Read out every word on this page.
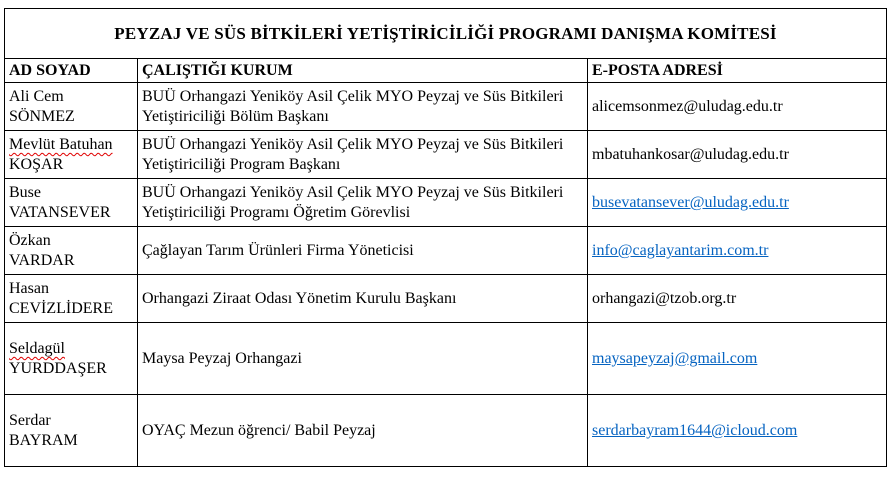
PEYZAJ VE SÜS BİTKİLERİ YETİŞTİRİCİLİĞİ PROGRAMI DANIŞMA KOMİTESİ		
AD SOYAD	ÇALIŞTIĞI KURUM	E-POSTA ADRESİ

Ali Cem
SÖNMEZ	BUÜ Orhangazi Yeniköy Asil Çelik MYO Peyzaj ve Süs Bitkileri Yetiştiriciliği Bölüm Başkanı	alicemsonmez@uludag.edu.tr

Mevlüt Batuhan
KOŞAR	BUÜ Orhangazi Yeniköy Asil Çelik MYO Peyzaj ve Süs Bitkileri Yetiştiriciliği Program Başkanı	mbatuhankosar@uludag.edu.tr

Buse
VATANSEVER	BUÜ Orhangazi Yeniköy Asil Çelik MYO Peyzaj ve Süs Bitkileri Yetiştiriciliği Programı Öğretim Görevlisi	busevatansever@uludag.edu.tr

Özkan
VARDAR	Çağlayan Tarım Ürünleri Firma Yöneticisi	info@caglayantarim.com.tr

Hasan
CEVİZLİDERE	Orhangazi Ziraat Odası Yönetim Kurulu Başkanı	orhangazi@tzob.org.tr

Seldagül
YURDDAŞER	Maysa Peyzaj Orhangazi	maysapeyzaj@gmail.com

Serdar
BAYRAM	OYAÇ Mezun öğrenci/ Babil Peyzaj	serdarbayram1644@icloud.com
